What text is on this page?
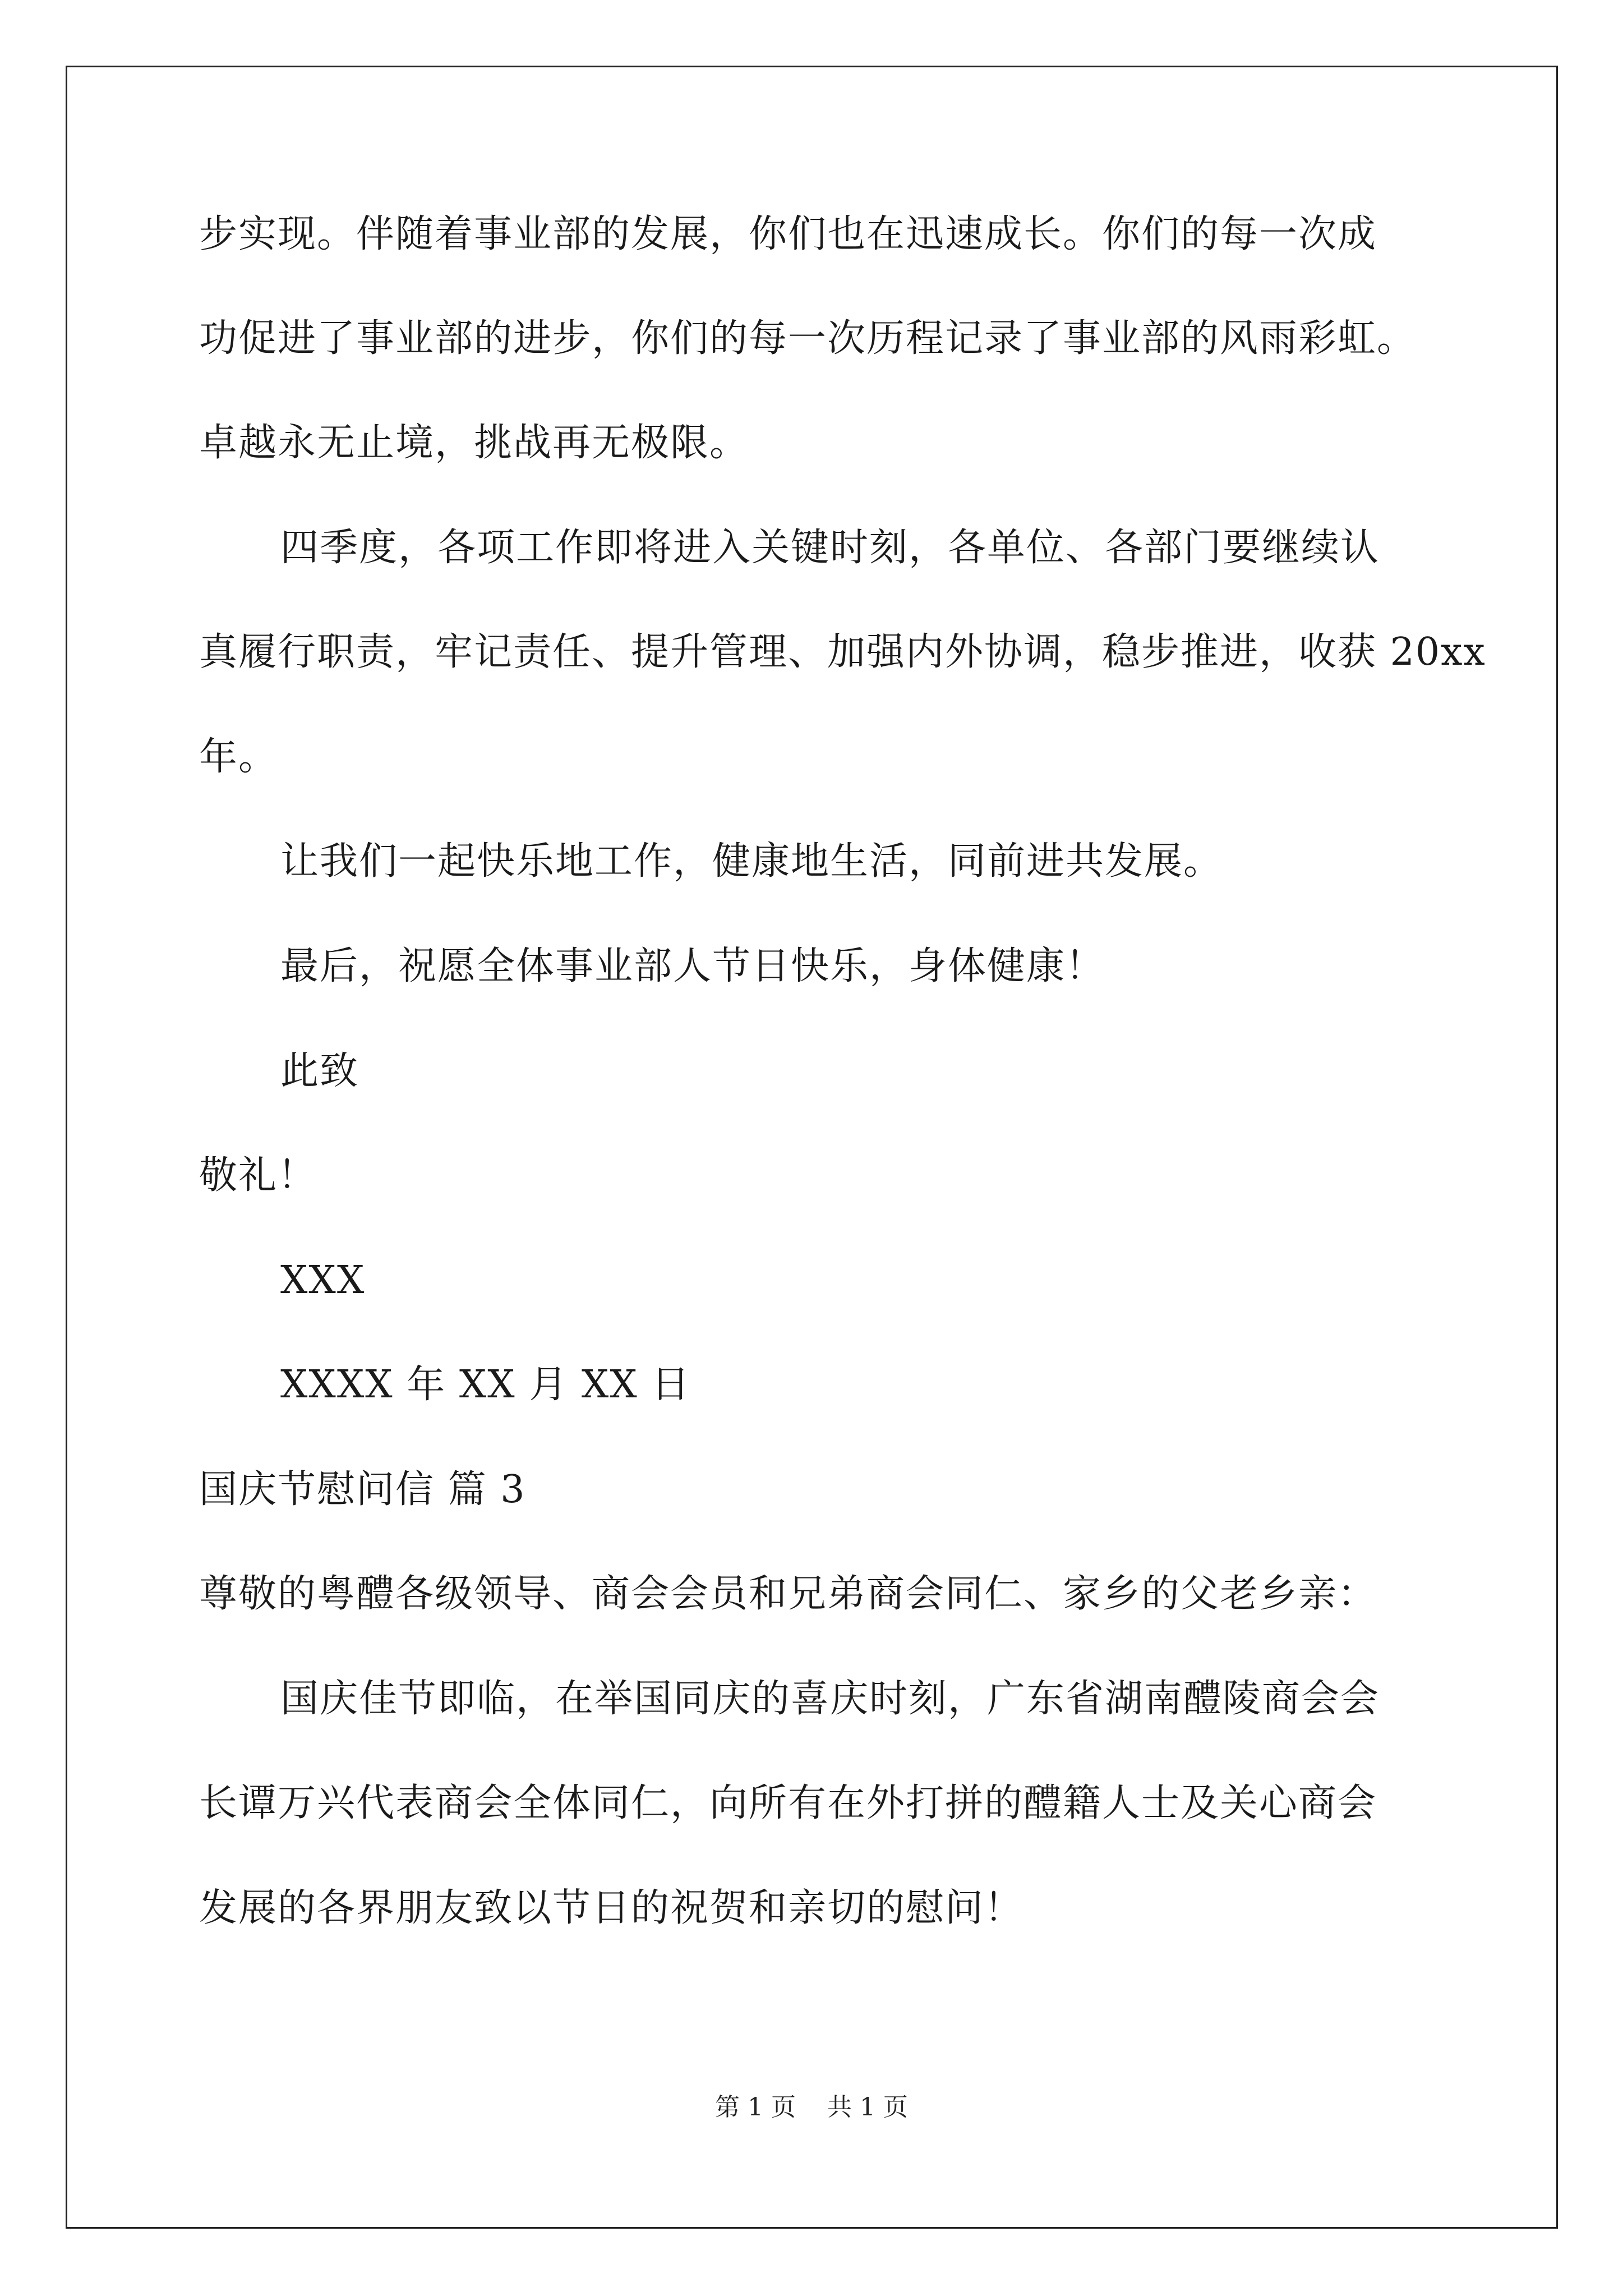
步实现。伴随着事业部的发展，你们也在迅速成长。你们的每一次成
功促进了事业部的进步，你们的每一次历程记录了事业部的风雨彩虹。
卓越永无止境，挑战再无极限。
四季度，各项工作即将进入关键时刻，各单位、各部门要继续认
真履行职责，牢记责任、提升管理、加强内外协调，稳步推进，收获 20xx
年。
让我们一起快乐地工作，健康地生活，同前进共发展。
最后，祝愿全体事业部人节日快乐，身体健康！
此致
敬礼！
XXX
XXXX 年 XX 月 XX 日
国庆节慰问信 篇 3
尊敬的粤醴各级领导、商会会员和兄弟商会同仁、家乡的父老乡亲：
国庆佳节即临，在举国同庆的喜庆时刻，广东省湖南醴陵商会会
长谭万兴代表商会全体同仁，向所有在外打拼的醴籍人士及关心商会
发展的各界朋友致以节日的祝贺和亲切的慰问！
第 1 页    共 1 页
